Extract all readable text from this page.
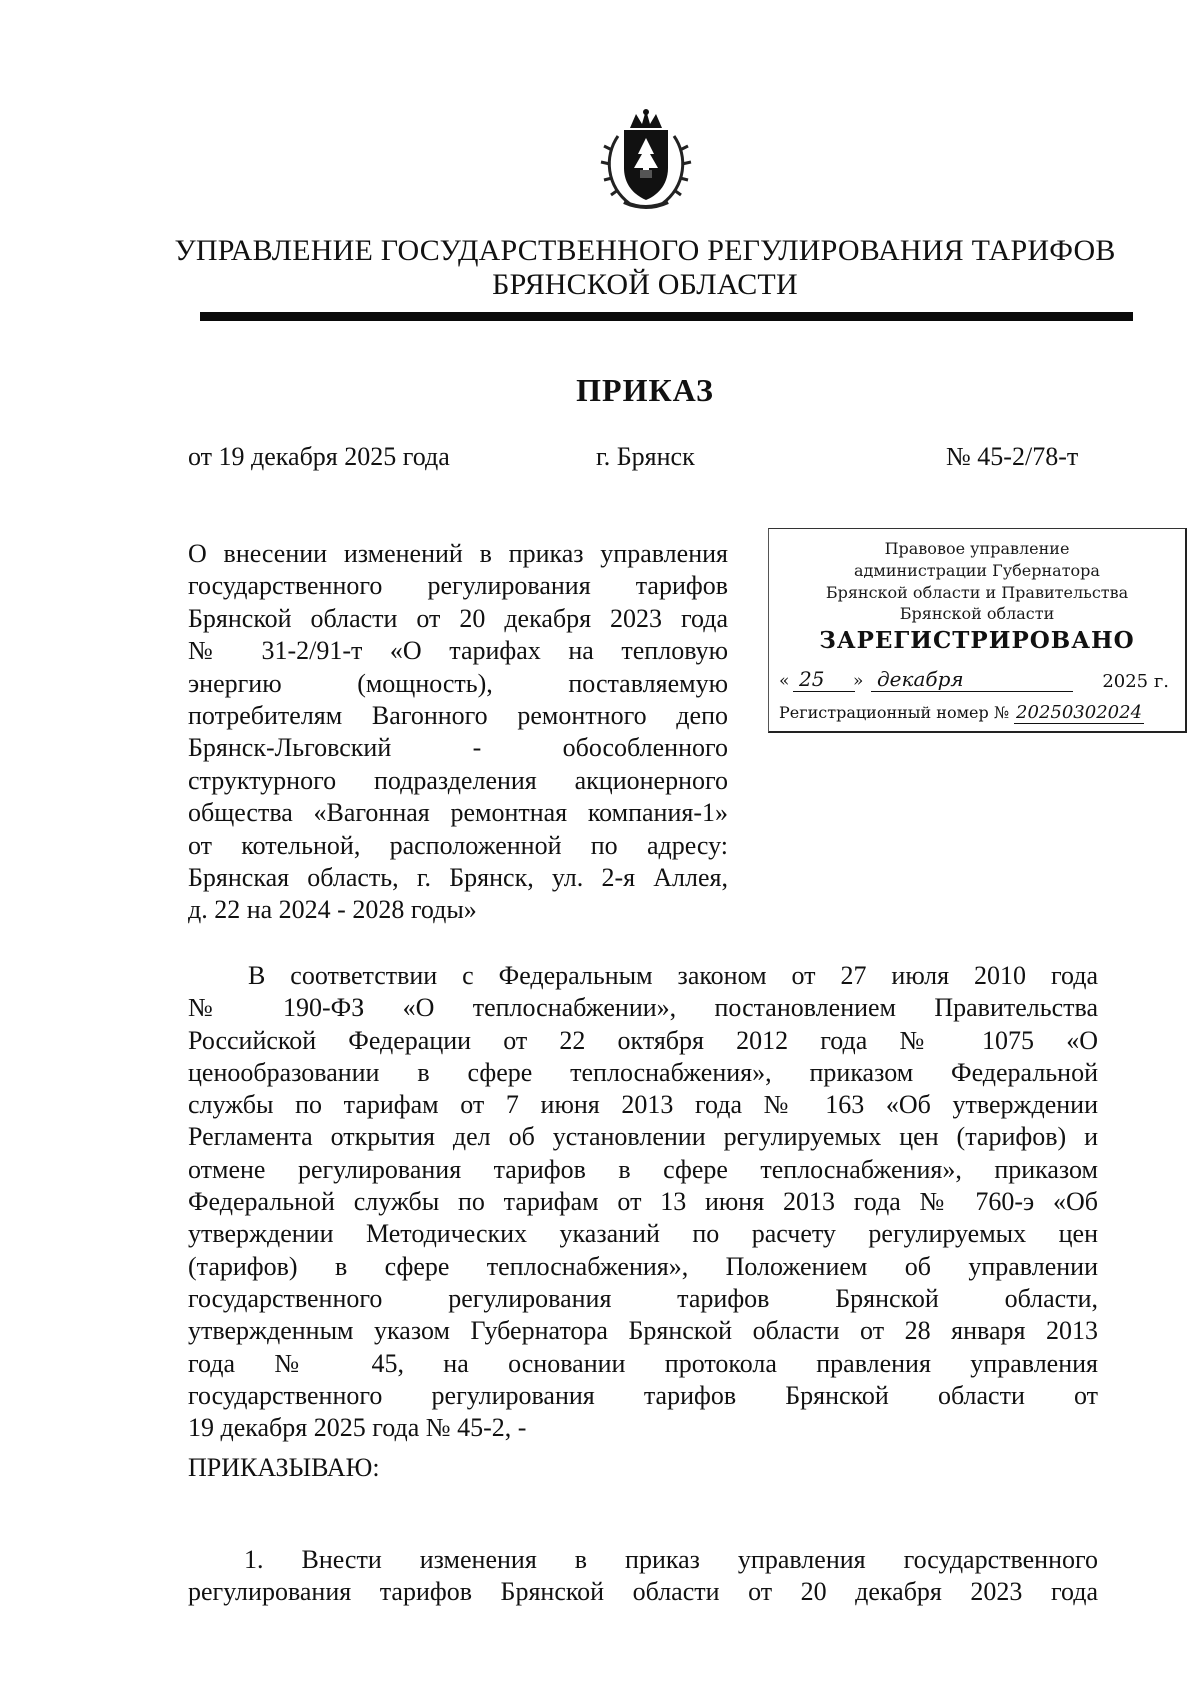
УПРАВЛЕНИЕ ГОСУДАРСТВЕННОГО РЕГУЛИРОВАНИЯ ТАРИФОВ
БРЯНСКОЙ ОБЛАСТИ
ПРИКАЗ
от 19 декабря 2025 года	г. Брянск	№ 45-2/78-т
О внесении изменений в приказ управления
государственного регулирования тарифов
Брянской области от 20 декабря 2023 года
№ 31-2/91-т «О тарифах на тепловую
энергию (мощность), поставляемую
потребителям Вагонного ремонтного депо
Брянск-Льговский - обособленного
структурного подразделения акционерного
общества «Вагонная ремонтная компания-1»
от котельной, расположенной по адресу:
Брянская область, г. Брянск, ул. 2-я Аллея,
д. 22 на 2024 - 2028 годы»
Правовое управление
администрации Губернатора
Брянской области и Правительства
Брянской области
ЗАРЕГИСТРИРОВАНО
« 25	» декабря	2025 г.
Регистрационный номер № 20250302024
В соответствии с Федеральным законом от 27 июля 2010 года
№ 190-ФЗ «О теплоснабжении», постановлением Правительства
Российской Федерации от 22 октября 2012 года № 1075 «О
ценообразовании в сфере теплоснабжения», приказом Федеральной
службы по тарифам от 7 июня 2013 года № 163 «Об утверждении
Регламента открытия дел об установлении регулируемых цен (тарифов) и
отмене регулирования тарифов в сфере теплоснабжения», приказом
Федеральной службы по тарифам от 13 июня 2013 года № 760-э «Об
утверждении Методических указаний по расчету регулируемых цен
(тарифов) в сфере теплоснабжения», Положением об управлении
государственного регулирования тарифов Брянской области,
утвержденным указом Губернатора Брянской области от 28 января 2013
года № 45, на основании протокола правления управления
государственного регулирования тарифов Брянской области от
19 декабря 2025 года № 45-2, -
ПРИКАЗЫВАЮ:
1. Внести изменения в приказ управления государственного
регулирования тарифов Брянской области от 20 декабря 2023 года
